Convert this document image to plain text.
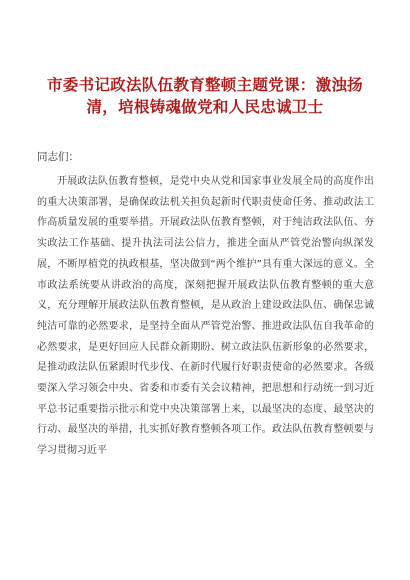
市委书记政法队伍教育整顿主题党课：激浊扬清，培根铸魂做党和人民忠诚卫士

同志们：

开展政法队伍教育整顿，是党中央从党和国家事业发展全局的高度作出的重大决策部署，是确保政法机关担负起新时代职责使命任务、推动政法工作高质量发展的重要举措。开展政法队伍教育整顿，对于纯洁政法队伍、夯实政法工作基础、提升执法司法公信力，推进全面从严管党治警向纵深发展，不断厚植党的执政根基，坚决做到“两个维护”具有重大深远的意义。全市政法系统要从讲政治的高度，深刻把握开展政法队伍教育整顿的重大意义，充分理解开展政法队伍教育整顿，是从政治上建设政法队伍、确保忠诚纯洁可靠的必然要求，是坚持全面从严管党治警、推进政法队伍自我革命的必然要求，是更好回应人民群众新期盼、树立政法队伍新形象的必然要求，是推动政法队伍紧跟时代步伐、在新时代履行好职责使命的必然要求。各级要深入学习领会中央、省委和市委有关会议精神，把思想和行动统一到习近平总书记重要指示批示和党中央决策部署上来，以最坚决的态度、最坚决的行动、最坚决的举措，扎实抓好教育整顿各项工作。政法队伍教育整顿要与学习贯彻习近平
